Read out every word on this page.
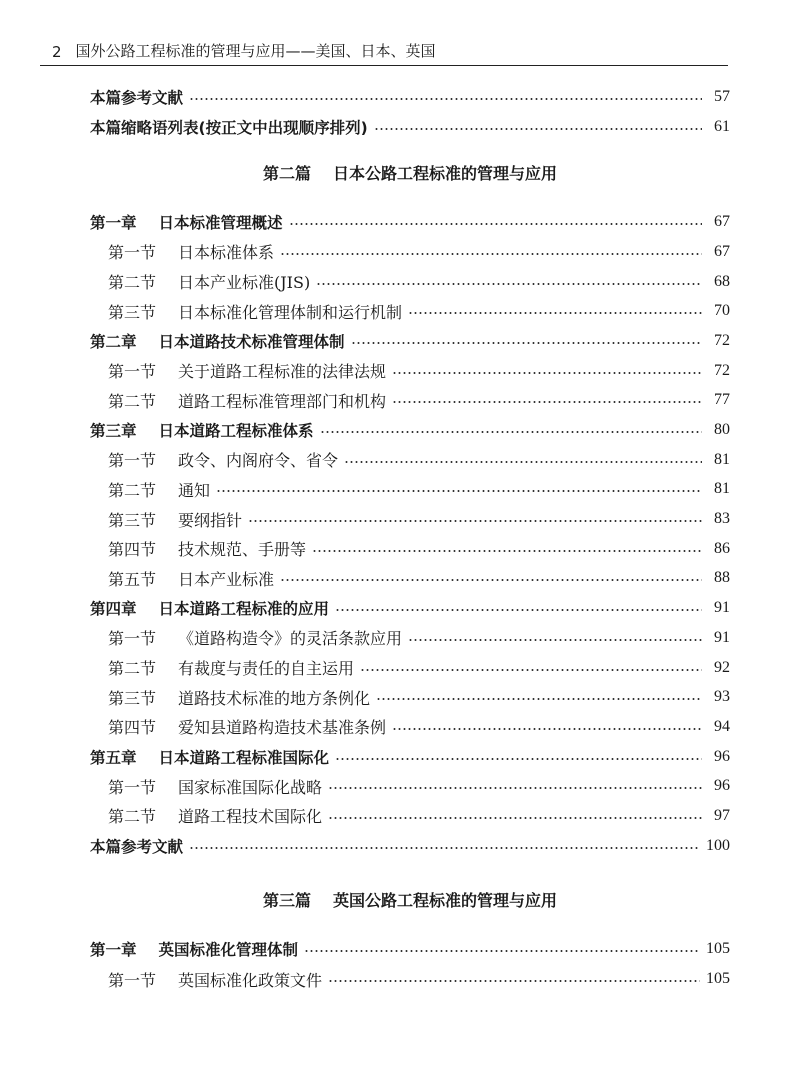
2 国外公路工程标准的管理与应用——美国、日本、英国
本篇参考文献	57
本篇缩略语列表(按正文中出现顺序排列)	61
第二篇 日本公路工程标准的管理与应用
第一章 日本标准管理概述	67
第一节 日本标准体系	67
第二节 日本产业标准(JIS)	68
第三节 日本标准化管理体制和运行机制	70
第二章 日本道路技术标准管理体制	72
第一节 关于道路工程标准的法律法规	72
第二节 道路工程标准管理部门和机构	77
第三章 日本道路工程标准体系	80
第一节 政令、内阁府令、省令	81
第二节 通知	81
第三节 要纲指针	83
第四节 技术规范、手册等	86
第五节 日本产业标准	88
第四章 日本道路工程标准的应用	91
第一节 《道路构造令》的灵活条款应用	91
第二节 有裁度与责任的自主运用	92
第三节 道路技术标准的地方条例化	93
第四节 爱知县道路构造技术基准条例	94
第五章 日本道路工程标准国际化	96
第一节 国家标准国际化战略	96
第二节 道路工程技术国际化	97
本篇参考文献	100
第三篇 英国公路工程标准的管理与应用
第一章 英国标准化管理体制	105
第一节 英国标准化政策文件	105
